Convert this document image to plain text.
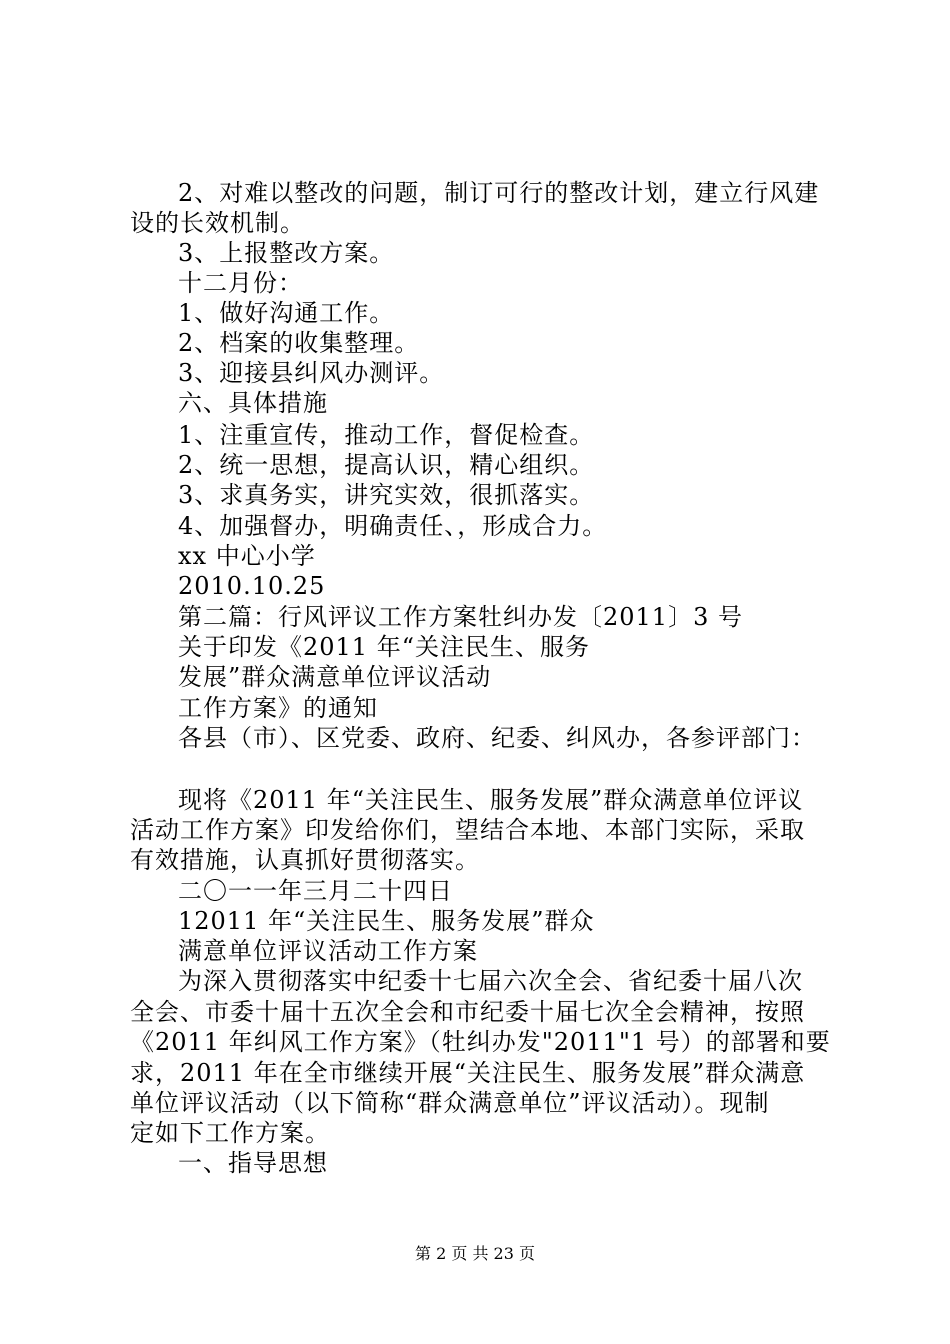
2、对难以整改的问题，制订可行的整改计划，建立行风建
设的长效机制。
3、上报整改方案。
十二月份：
1、做好沟通工作。
2、档案的收集整理。
3、迎接县纠风办测评。
六、具体措施
1、注重宣传，推动工作，督促检查。
2、统一思想，提高认识，精心组织。
3、求真务实，讲究实效，很抓落实。
4、加强督办，明确责任、，形成合力。
xx 中心小学
2010.10.25
第二篇：行风评议工作方案牡纠办发〔2011〕3 号
关于印发《2011 年“关注民生、服务
发展”群众满意单位评议活动
工作方案》的通知
各县（市）、区党委、政府、纪委、纠风办，各参评部门：
现将《2011 年“关注民生、服务发展”群众满意单位评议
活动工作方案》印发给你们，望结合本地、本部门实际，采取
有效措施，认真抓好贯彻落实。
二〇一一年三月二十四日
12011 年“关注民生、服务发展”群众
满意单位评议活动工作方案
为深入贯彻落实中纪委十七届六次全会、省纪委十届八次
全会、市委十届十五次全会和市纪委十届七次全会精神，按照
《2011 年纠风工作方案》（牡纠办发"2011"1 号）的部署和要
求，2011 年在全市继续开展“关注民生、服务发展”群众满意
单位评议活动（以下简称“群众满意单位”评议活动）。现制
定如下工作方案。
一、指导思想
第 2 页 共 23 页
